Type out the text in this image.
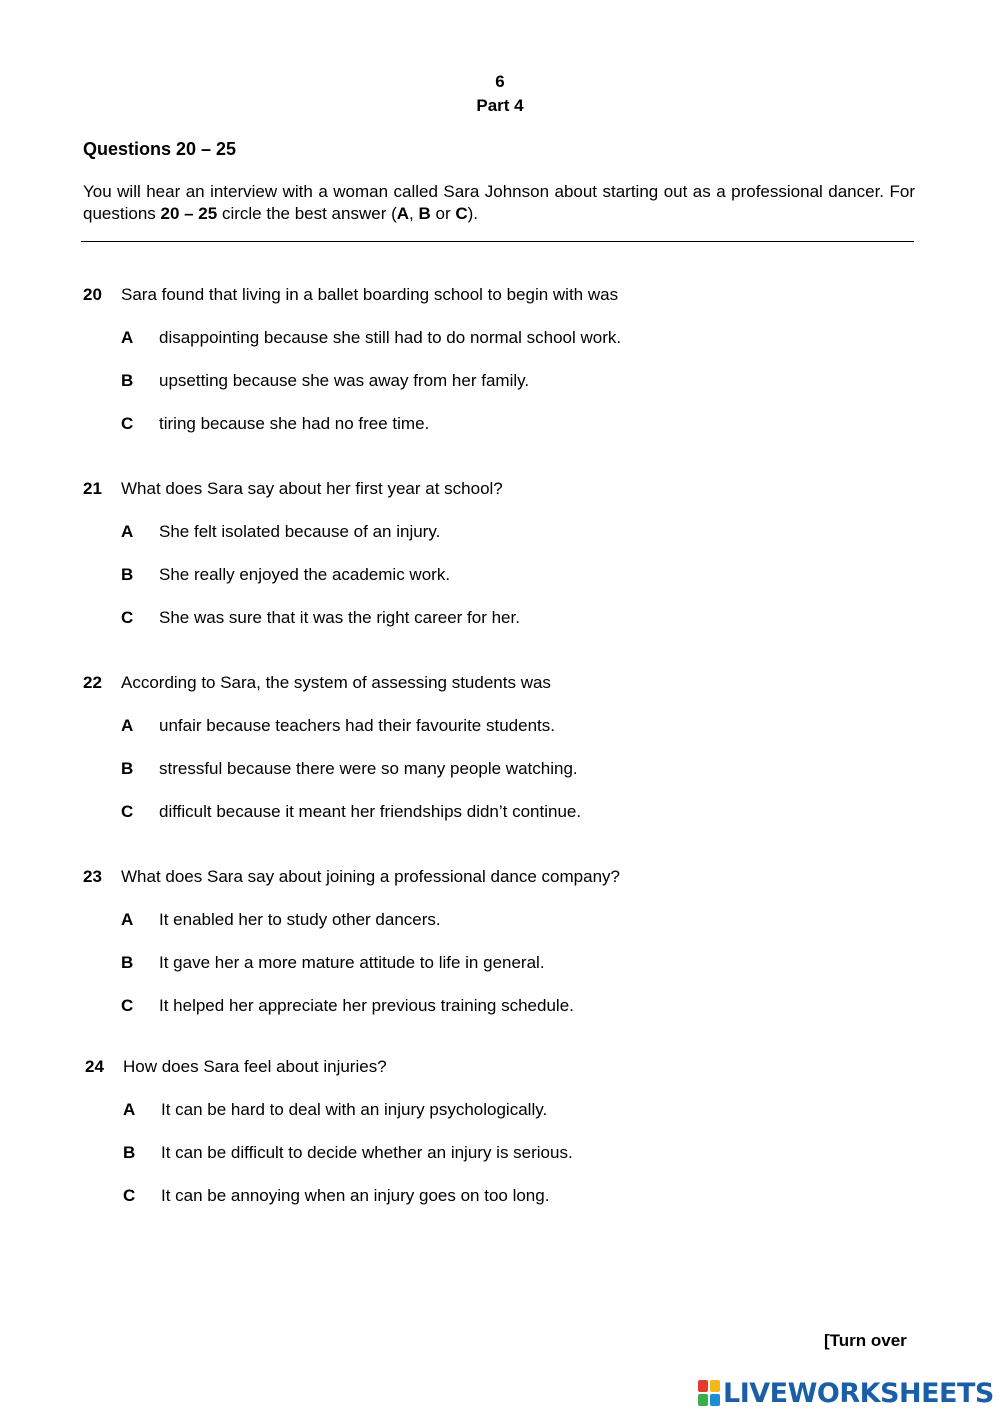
6
Part 4
Questions 20 – 25
You will hear an interview with a woman called Sara Johnson about starting out as a professional dancer. For questions 20 – 25 circle the best answer (A, B or C).
20 Sara found that living in a ballet boarding school to begin with was
A disappointing because she still had to do normal school work.
B upsetting because she was away from her family.
C tiring because she had no free time.
21 What does Sara say about her first year at school?
A She felt isolated because of an injury.
B She really enjoyed the academic work.
C She was sure that it was the right career for her.
22 According to Sara, the system of assessing students was
A unfair because teachers had their favourite students.
B stressful because there were so many people watching.
C difficult because it meant her friendships didn’t continue.
23 What does Sara say about joining a professional dance company?
A It enabled her to study other dancers.
B It gave her a more mature attitude to life in general.
C It helped her appreciate her previous training schedule.
24 How does Sara feel about injuries?
A It can be hard to deal with an injury psychologically.
B It can be difficult to decide whether an injury is serious.
C It can be annoying when an injury goes on too long.
[Turn over
LIVEWORKSHEETS
